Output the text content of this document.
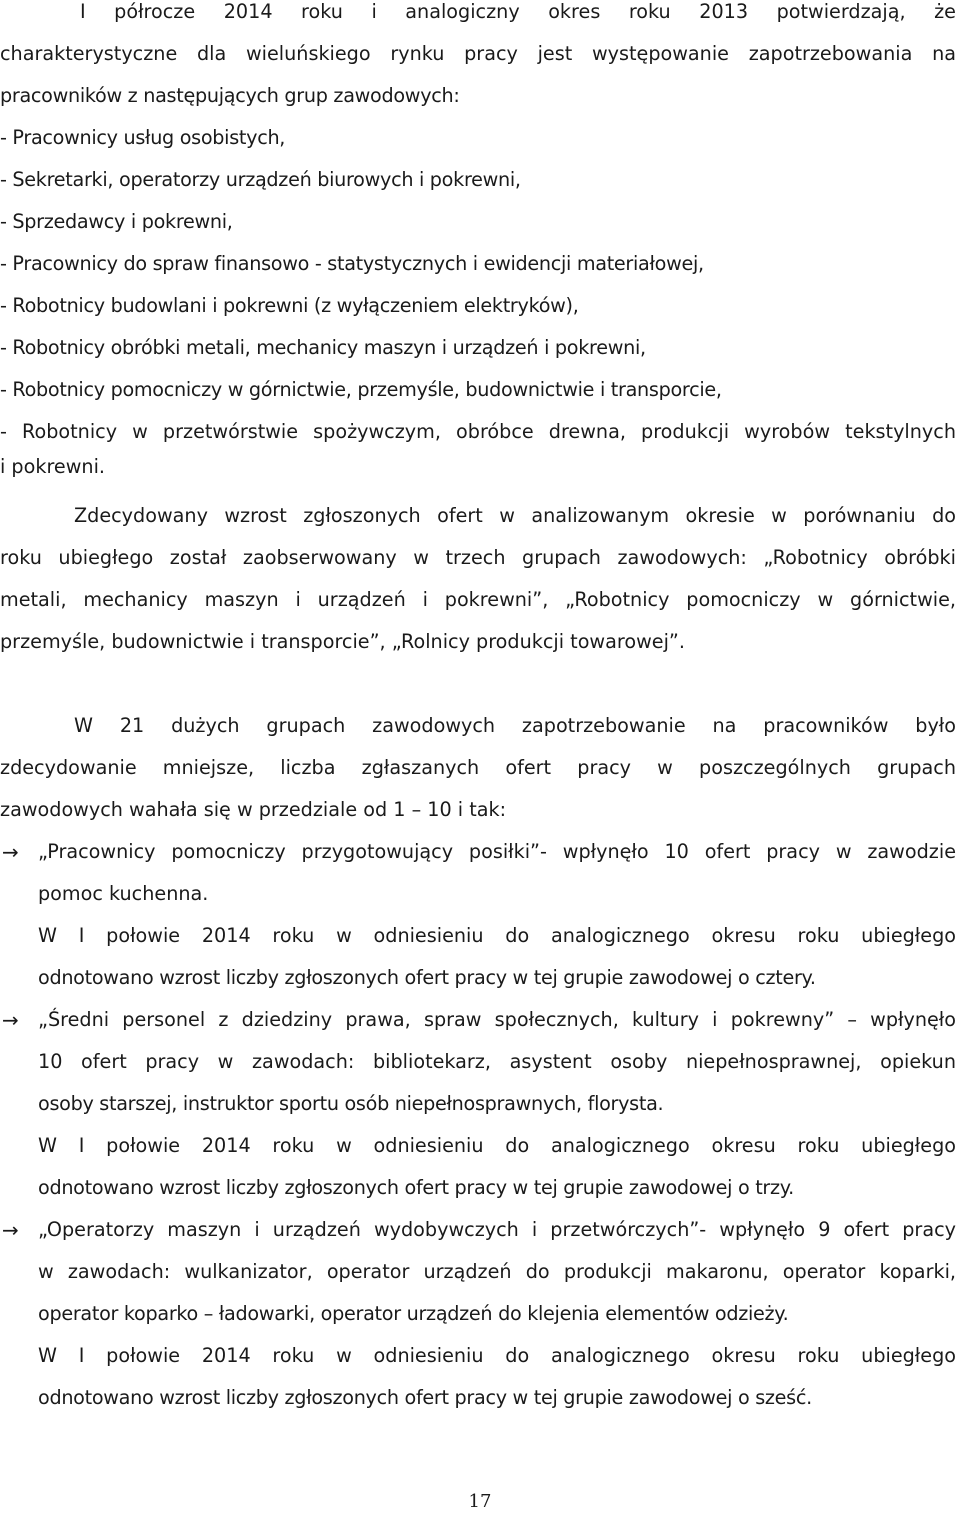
I półrocze 2014 roku i analogiczny okres roku 2013 potwierdzają, że
charakterystyczne dla wieluńskiego rynku pracy jest występowanie zapotrzebowania na
pracowników z następujących grup zawodowych:
- Pracownicy usług osobistych,
- Sekretarki, operatorzy urządzeń biurowych i pokrewni,
- Sprzedawcy i pokrewni,
- Pracownicy do spraw finansowo - statystycznych i ewidencji materiałowej,
- Robotnicy budowlani i pokrewni (z wyłączeniem elektryków),
- Robotnicy obróbki metali, mechanicy maszyn i urządzeń i pokrewni,
- Robotnicy pomocniczy w górnictwie, przemyśle, budownictwie i transporcie,
- Robotnicy w przetwórstwie spożywczym, obróbce drewna, produkcji wyrobów tekstylnych
i pokrewni.
Zdecydowany wzrost zgłoszonych ofert w analizowanym okresie w porównaniu do
roku ubiegłego został zaobserwowany w trzech grupach zawodowych: „Robotnicy obróbki
metali, mechanicy maszyn i urządzeń i pokrewni”, „Robotnicy pomocniczy w górnictwie,
przemyśle, budownictwie i transporcie”, „Rolnicy produkcji towarowej”.
W 21 dużych grupach zawodowych zapotrzebowanie na pracowników było
zdecydowanie mniejsze, liczba zgłaszanych ofert pracy w poszczególnych grupach
zawodowych wahała się w przedziale od 1 – 10 i tak:
→ „Pracownicy pomocniczy przygotowujący posiłki”- wpłynęło 10 ofert pracy w zawodzie
pomoc kuchenna.
W I połowie 2014 roku w odniesieniu do analogicznego okresu roku ubiegłego
odnotowano wzrost liczby zgłoszonych ofert pracy w tej grupie zawodowej o cztery.
→ „Średni personel z dziedziny prawa, spraw społecznych, kultury i pokrewny” – wpłynęło
10 ofert pracy w zawodach: bibliotekarz, asystent osoby niepełnosprawnej, opiekun
osoby starszej, instruktor sportu osób niepełnosprawnych, florysta.
W I połowie 2014 roku w odniesieniu do analogicznego okresu roku ubiegłego
odnotowano wzrost liczby zgłoszonych ofert pracy w tej grupie zawodowej o trzy.
→ „Operatorzy maszyn i urządzeń wydobywczych i przetwórczych”- wpłynęło 9 ofert pracy
w zawodach: wulkanizator, operator urządzeń do produkcji makaronu, operator koparki,
operator koparko – ładowarki, operator urządzeń do klejenia elementów odzieży.
W I połowie 2014 roku w odniesieniu do analogicznego okresu roku ubiegłego
odnotowano wzrost liczby zgłoszonych ofert pracy w tej grupie zawodowej o sześć.
17
